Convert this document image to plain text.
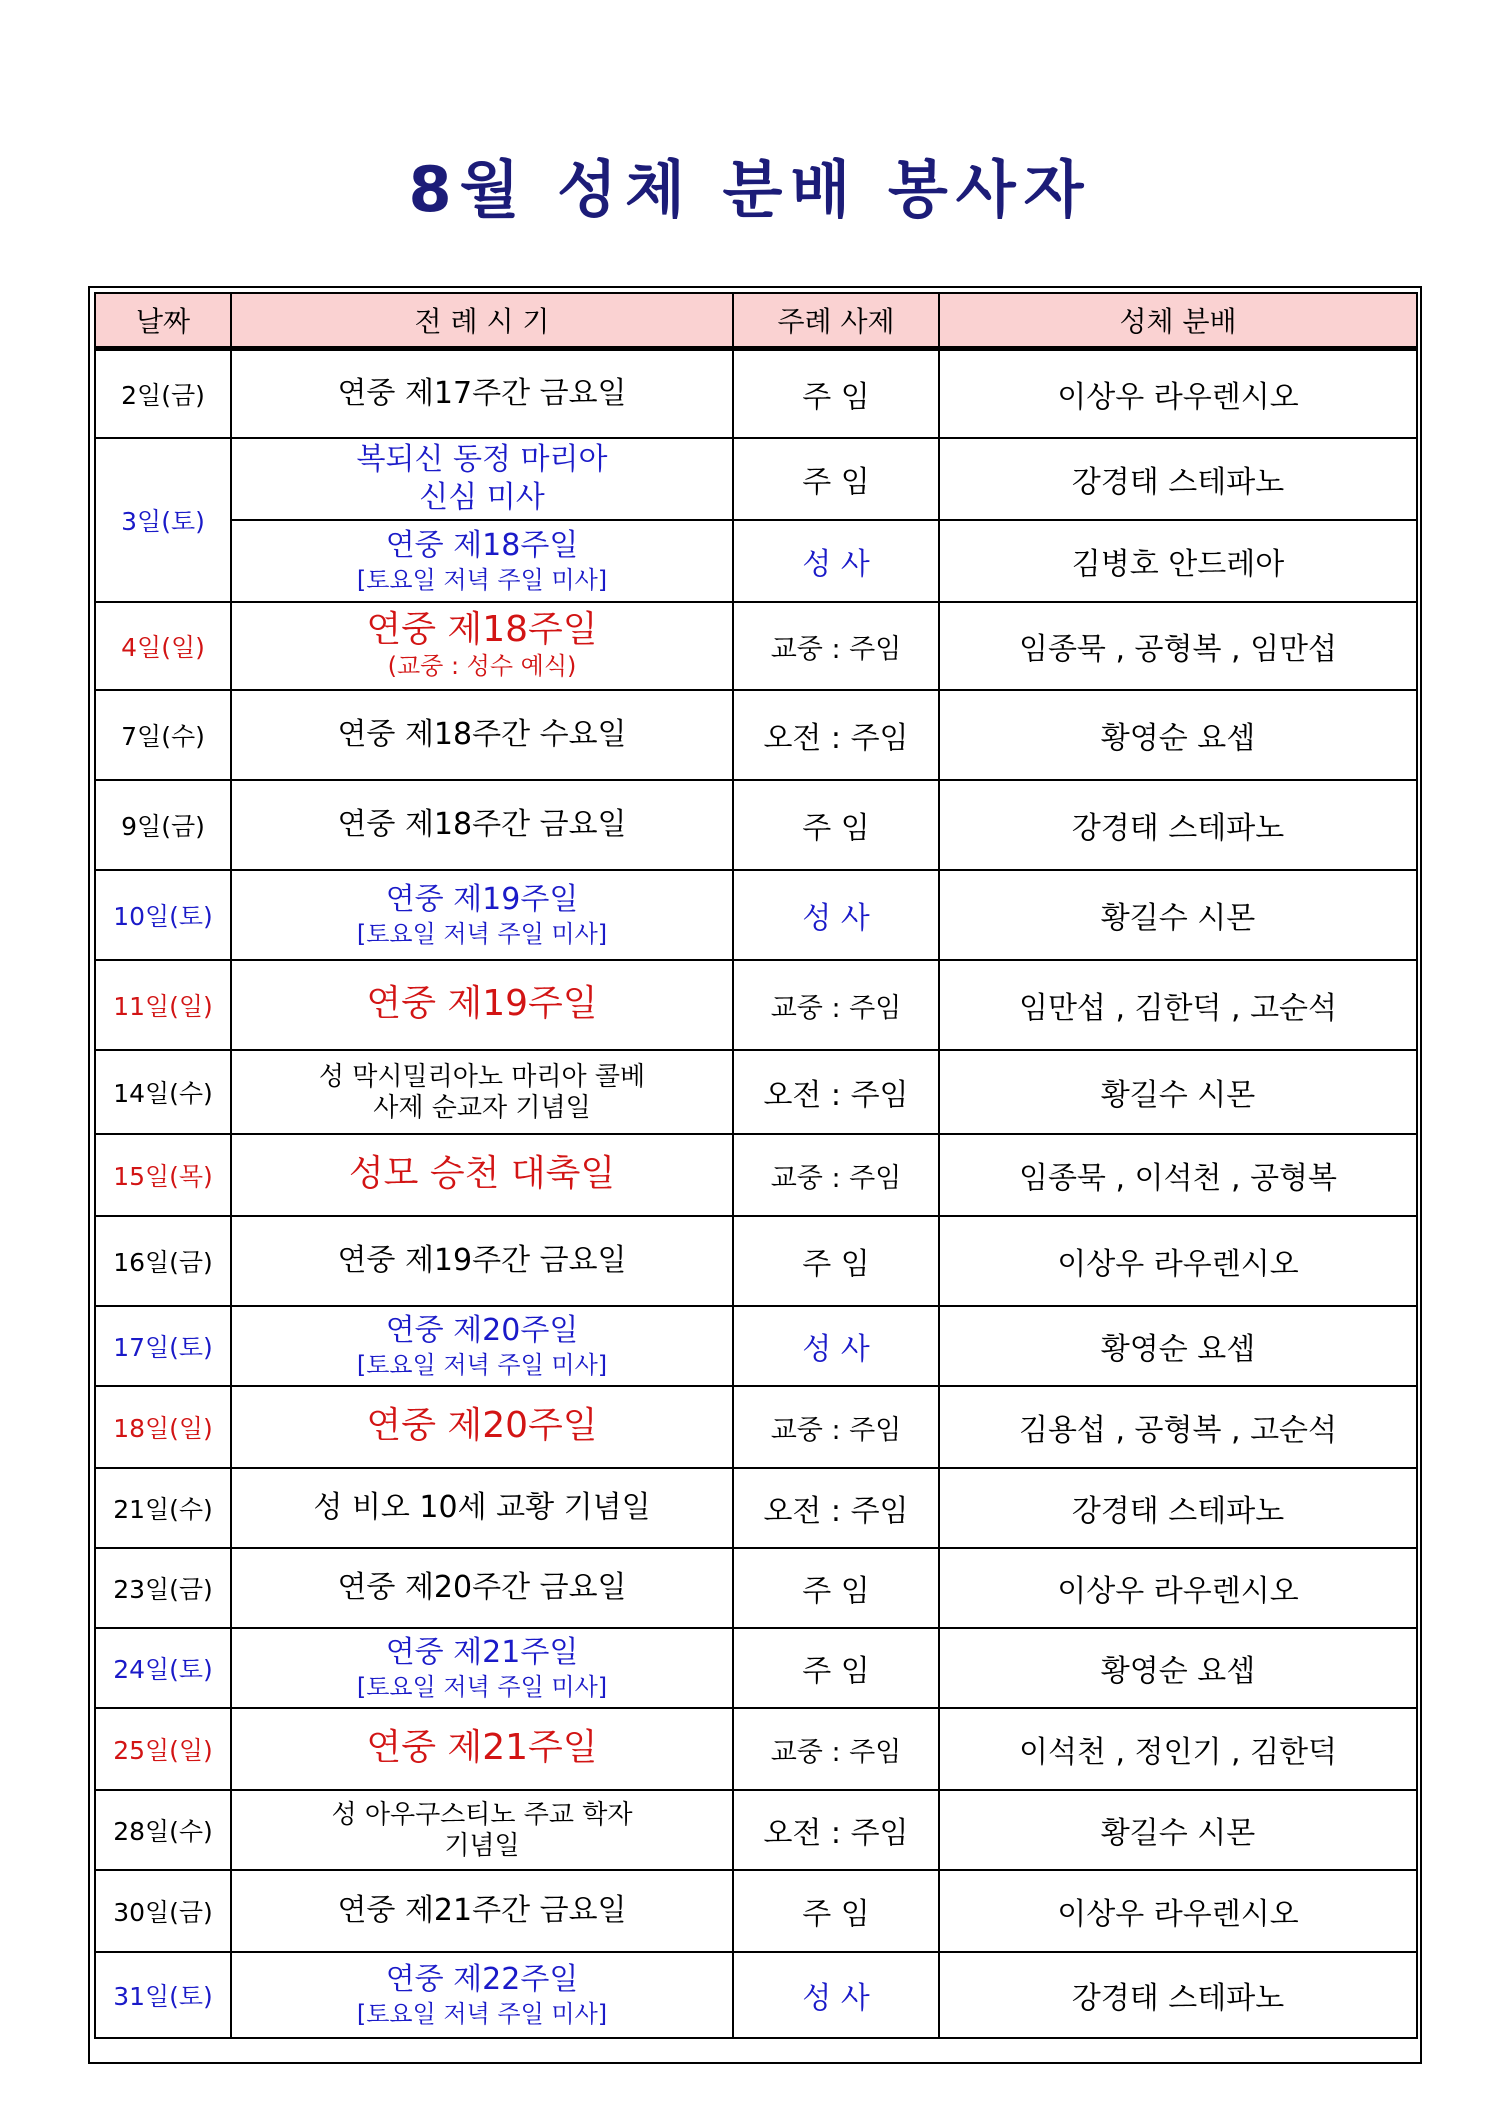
8월 성체 분배 봉사자
날짜	전 례 시 기	주례 사제	성체 분배

2일(금)	연중 제17주간 금요일	주 임	이상우 라우렌시오
3일(토)	복되신 동정 마리아
신심 미사	주 임	강경태 스테파노
	연중 제18주일
[토요일 저녁 주일 미사]	성 사	김병호 안드레아
4일(일)	연중 제18주일
(교중 : 성수 예식)	교중 : 주임	임종묵 , 공형복 , 임만섭
7일(수)	연중 제18주간 수요일	오전 : 주임	황영순 요셉
9일(금)	연중 제18주간 금요일	주 임	강경태 스테파노
10일(토)	연중 제19주일
[토요일 저녁 주일 미사]	성 사	황길수 시몬
11일(일)	연중 제19주일	교중 : 주임	임만섭 , 김한덕 , 고순석
14일(수)	성 막시밀리아노 마리아 콜베
사제 순교자 기념일	오전 : 주임	황길수 시몬
15일(목)	성모 승천 대축일	교중 : 주임	임종묵 , 이석천 , 공형복
16일(금)	연중 제19주간 금요일	주 임	이상우 라우렌시오
17일(토)	연중 제20주일
[토요일 저녁 주일 미사]	성 사	황영순 요셉
18일(일)	연중 제20주일	교중 : 주임	김용섭 , 공형복 , 고순석
21일(수)	성 비오 10세 교황 기념일	오전 : 주임	강경태 스테파노
23일(금)	연중 제20주간 금요일	주 임	이상우 라우렌시오
24일(토)	연중 제21주일
[토요일 저녁 주일 미사]	주 임	황영순 요셉
25일(일)	연중 제21주일	교중 : 주임	이석천 , 정인기 , 김한덕
28일(수)	성 아우구스티노 주교 학자
기념일	오전 : 주임	황길수 시몬
30일(금)	연중 제21주간 금요일	주 임	이상우 라우렌시오
31일(토)	연중 제22주일
[토요일 저녁 주일 미사]	성 사	강경태 스테파노
